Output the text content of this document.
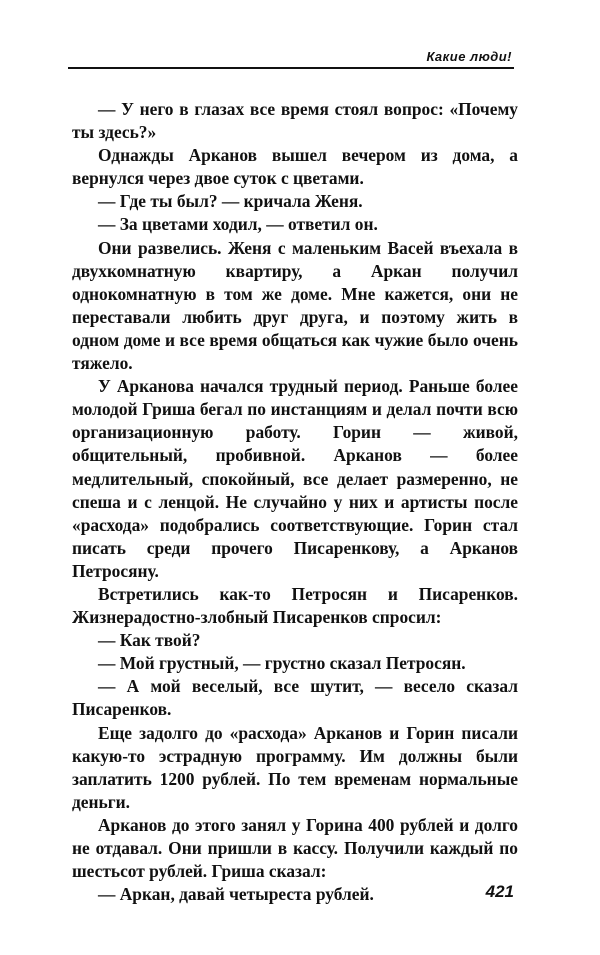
Какие люди!

— У него в глазах все время стоял вопрос: «Почему ты здесь?»

Однажды Арканов вышел вечером из дома, а вернулся через двое суток с цветами.

— Где ты был? — кричала Женя.

— За цветами ходил, — ответил он.

Они развелись. Женя с маленьким Васей въехала в двухкомнатную квартиру, а Аркан получил однокомнатную в том же доме. Мне кажется, они не переставали любить друг друга, и поэтому жить в одном доме и все время общаться как чужие было очень тяжело.

У Арканова начался трудный период. Раньше более молодой Гриша бегал по инстанциям и делал почти всю организационную работу. Горин — живой, общительный, пробивной. Арканов — более медлительный, спокойный, все делает размеренно, не спеша и с ленцой. Не случайно у них и артисты после «расхода» подобрались соответствующие. Горин стал писать среди прочего Писаренкову, а Арканов Петросяну.

Встретились как-то Петросян и Писаренков. Жизнерадостно-злобный Писаренков спросил:

— Как твой?

— Мой грустный, — грустно сказал Петросян.

— А мой веселый, все шутит, — весело сказал Писаренков.

Еще задолго до «расхода» Арканов и Горин писали какую-то эстрадную программу. Им должны были заплатить 1200 рублей. По тем временам нормальные деньги.

Арканов до этого занял у Горина 400 рублей и долго не отдавал. Они пришли в кассу. Получили каждый по шестьсот рублей. Гриша сказал:

— Аркан, давай четыреста рублей.	421
